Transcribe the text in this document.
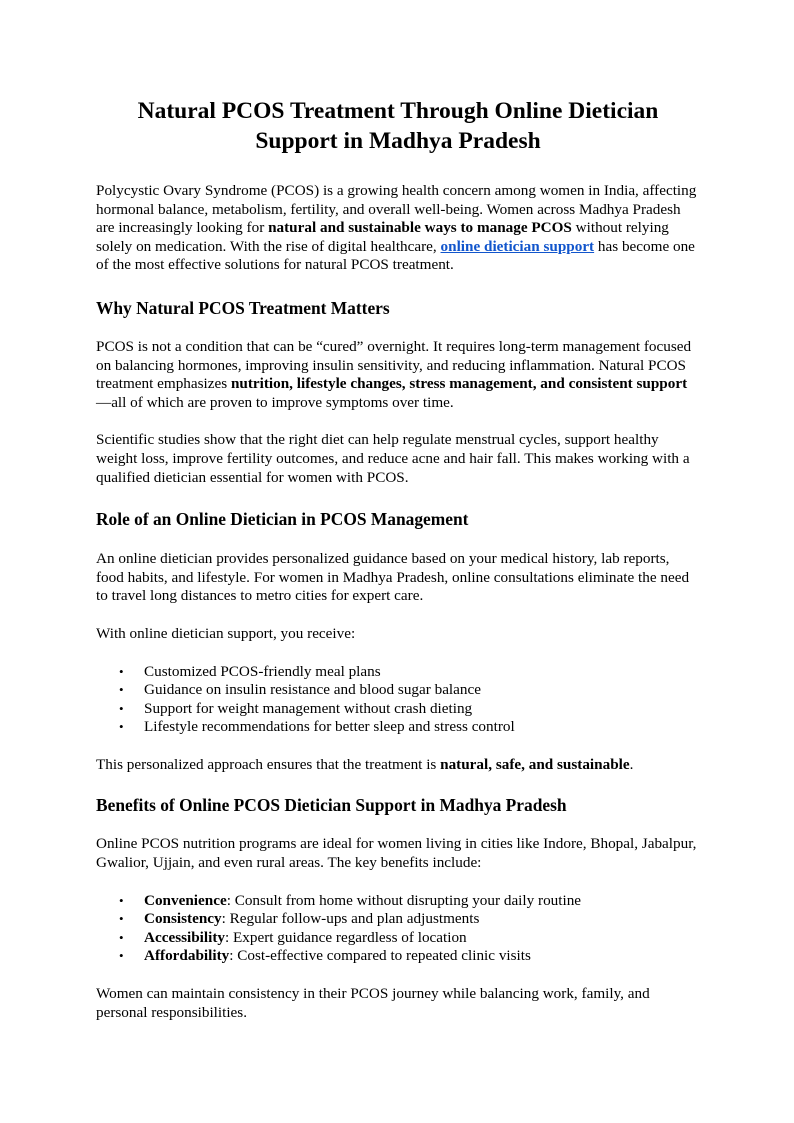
Natural PCOS Treatment Through Online Dietician Support in Madhya Pradesh

Polycystic Ovary Syndrome (PCOS) is a growing health concern among women in India, affecting hormonal balance, metabolism, fertility, and overall well-being. Women across Madhya Pradesh are increasingly looking for natural and sustainable ways to manage PCOS without relying solely on medication. With the rise of digital healthcare, online dietician support has become one of the most effective solutions for natural PCOS treatment.

Why Natural PCOS Treatment Matters

PCOS is not a condition that can be “cured” overnight. It requires long-term management focused on balancing hormones, improving insulin sensitivity, and reducing inflammation. Natural PCOS treatment emphasizes nutrition, lifestyle changes, stress management, and consistent support—all of which are proven to improve symptoms over time.

Scientific studies show that the right diet can help regulate menstrual cycles, support healthy weight loss, improve fertility outcomes, and reduce acne and hair fall. This makes working with a qualified dietician essential for women with PCOS.

Role of an Online Dietician in PCOS Management

An online dietician provides personalized guidance based on your medical history, lab reports, food habits, and lifestyle. For women in Madhya Pradesh, online consultations eliminate the need to travel long distances to metro cities for expert care.

With online dietician support, you receive:

• Customized PCOS-friendly meal plans
• Guidance on insulin resistance and blood sugar balance
• Support for weight management without crash dieting
• Lifestyle recommendations for better sleep and stress control

This personalized approach ensures that the treatment is natural, safe, and sustainable.

Benefits of Online PCOS Dietician Support in Madhya Pradesh

Online PCOS nutrition programs are ideal for women living in cities like Indore, Bhopal, Jabalpur, Gwalior, Ujjain, and even rural areas. The key benefits include:

• Convenience: Consult from home without disrupting your daily routine
• Consistency: Regular follow-ups and plan adjustments
• Accessibility: Expert guidance regardless of location
• Affordability: Cost-effective compared to repeated clinic visits

Women can maintain consistency in their PCOS journey while balancing work, family, and personal responsibilities.
